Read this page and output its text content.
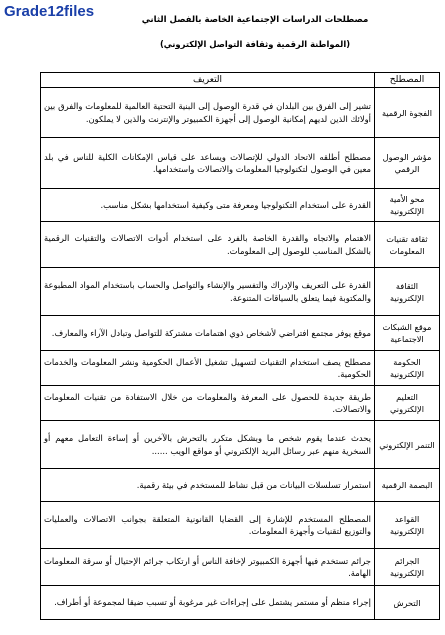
Grade12files	مصطلحات الدراسات الإجتماعية الخاصة بالفصل الثاني
(المواطنة الرقمية وثقافة التواصل الإلكتروني)
المصطلح	التعريف
الفجوة الرقمية	تشير إلى الفرق بين البلدان في قدرة الوصول إلى البنية التحتية العالمية للمعلومات والفرق بين أولائك الذين لديهم إمكانية الوصول إلى أجهزة الكمبيوتر والإنترنت والذين لا يملكون.
مؤشر الوصول الرقمي	مصطلح أطلقه الاتحاد الدولي للإتصالات ويساعد على قياس الإمكانات الكلية للناس في بلد معين في الوصول لتكنولوجيا المعلومات والاتصالات واستخدامها.
محو الأمية الإلكترونية	القدرة على استخدام التكنولوجيا ومعرفة متى وكيفية استخدامها بشكل مناسب.
ثقافة تقنيات المعلومات	الاهتمام والاتجاه والقدرة الخاصة بالفرد على استخدام أدوات الاتصالات والتقنيات الرقمية بالشكل المناسب للوصول إلى المعلومات.
الثقافة الإلكترونية	القدرة على التعريف والإدراك والتفسير والإنشاء والتواصل والحساب باستخدام المواد المطبوعة والمكتوبة فيما يتعلق بالسياقات المتنوعة.
موقع الشبكات الاجتماعية	موقع يوفر مجتمع افتراضي لأشخاص ذوي اهتمامات مشتركة للتواصل وتبادل الآراء والمعارف.
الحكومة الإلكترونية	مصطلح يصف استخدام التقنيات لتسهيل تشغيل الأعمال الحكومية ونشر المعلومات والخدمات الحكومية.
التعليم الإلكتروني	طريقة جديدة للحصول على المعرفة والمعلومات من خلال الاستفادة من تقنيات المعلومات والاتصالات.
التنمر الإلكتروني	يحدث عندما يقوم شخص ما وبشكل متكرر بالتحرش بالآخرين أو إساءة التعامل معهم أو السخرية منهم عبر رسائل البريد الإلكتروني أو مواقع الويب ......
البصمة الرقمية	استمرار تسلسلات البيانات من قبل نشاط للمستخدم في بيئة رقمية.
القواعد الإلكترونية	المصطلح المستخدم للإشارة إلى القضايا القانونية المتعلقة بجوانب الاتصالات والعمليات والتوزيع لتقنيات وأجهزة المعلومات.
الجرائم الإلكترونية	جرائم تستخدم فيها أجهزة الكمبيوتر لإخافة الناس أو ارتكاب جرائم الإحتيال أو سرقة المعلومات الهامة.
التحرش	إجراء منظم أو مستمر يشتمل على إجراءات غير مرغوبة أو تسبب ضيقا لمجموعة أو أطراف.
